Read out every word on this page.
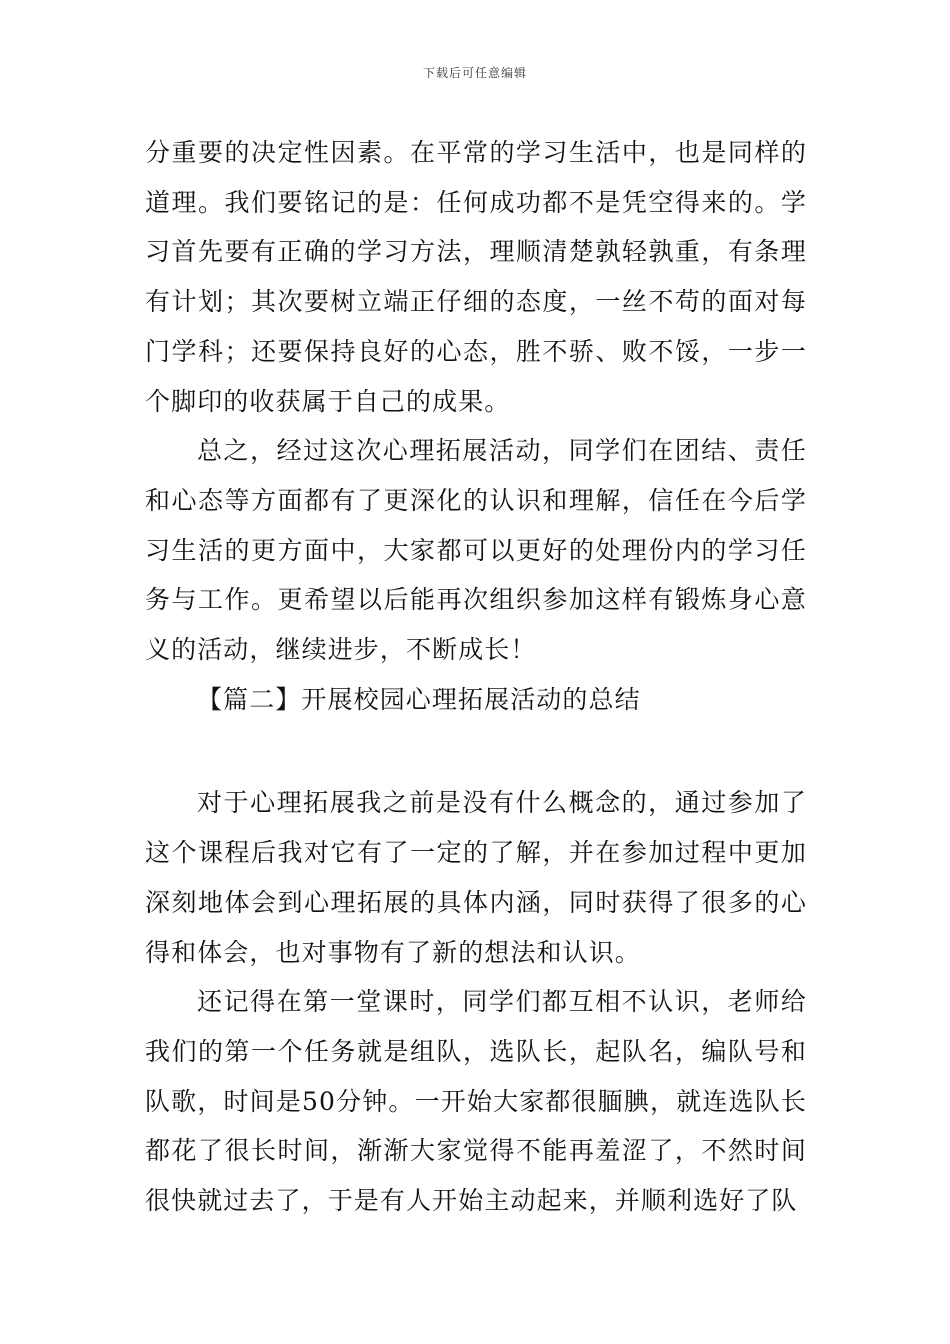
下载后可任意编辑

分重要的决定性因素。在平常的学习生活中，也是同样的道理。我们要铭记的是：任何成功都不是凭空得来的。学习首先要有正确的学习方法，理顺清楚孰轻孰重，有条理有计划；其次要树立端正仔细的态度，一丝不苟的面对每门学科；还要保持良好的心态，胜不骄、败不馁，一步一个脚印的收获属于自己的成果。

总之，经过这次心理拓展活动，同学们在团结、责任和心态等方面都有了更深化的认识和理解，信任在今后学习生活的更方面中，大家都可以更好的处理份内的学习任务与工作。更希望以后能再次组织参加这样有锻炼身心意义的活动，继续进步，不断成长！

【篇二】开展校园心理拓展活动的总结

对于心理拓展我之前是没有什么概念的，通过参加了这个课程后我对它有了一定的了解，并在参加过程中更加深刻地体会到心理拓展的具体内涵，同时获得了很多的心得和体会，也对事物有了新的想法和认识。

还记得在第一堂课时，同学们都互相不认识，老师给我们的第一个任务就是组队，选队长，起队名，编队号和队歌，时间是50分钟。一开始大家都很腼腆，就连选队长都花了很长时间，渐渐大家觉得不能再羞涩了，不然时间很快就过去了，于是有人开始主动起来，并顺利选好了队
